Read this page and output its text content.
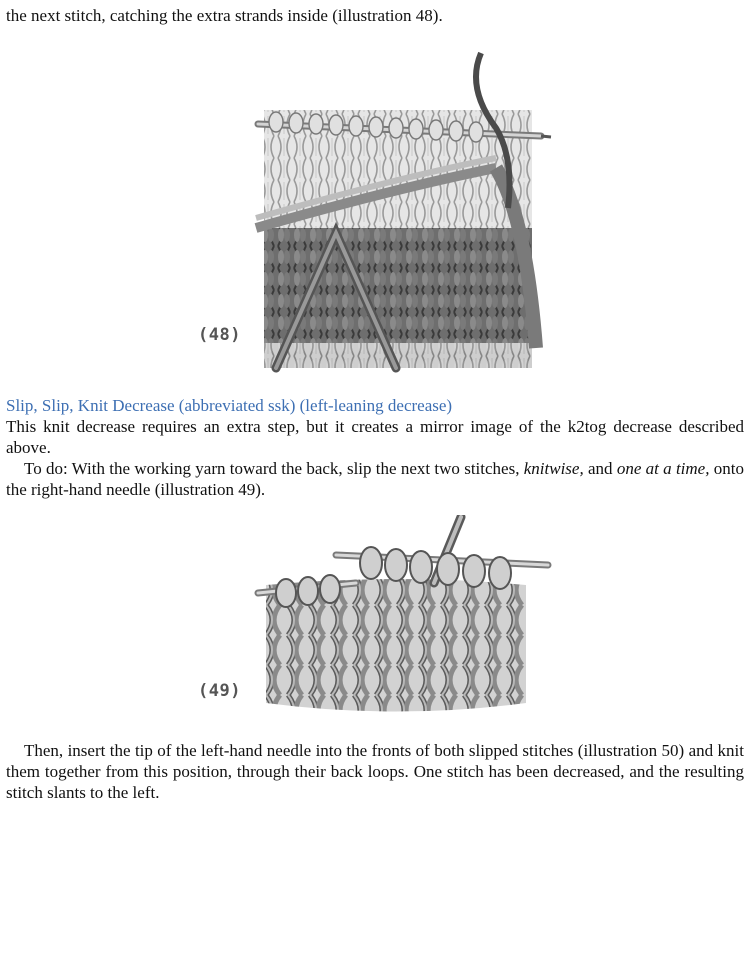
the next stitch, catching the extra strands inside (illustration 48).

(48)

Slip, Slip, Knit Decrease (abbreviated ssk) (left-leaning decrease)

This knit decrease requires an extra step, but it creates a mirror image of the k2tog decrease described above.

To do: With the working yarn toward the back, slip the next two stitches, knitwise, and one at a time, onto the right-hand needle (illustration 49).

(49)

Then, insert the tip of the left-hand needle into the fronts of both slipped stitches (illustration 50) and knit them together from this position, through their back loops. One stitch has been decreased, and the resulting stitch slants to the left.
